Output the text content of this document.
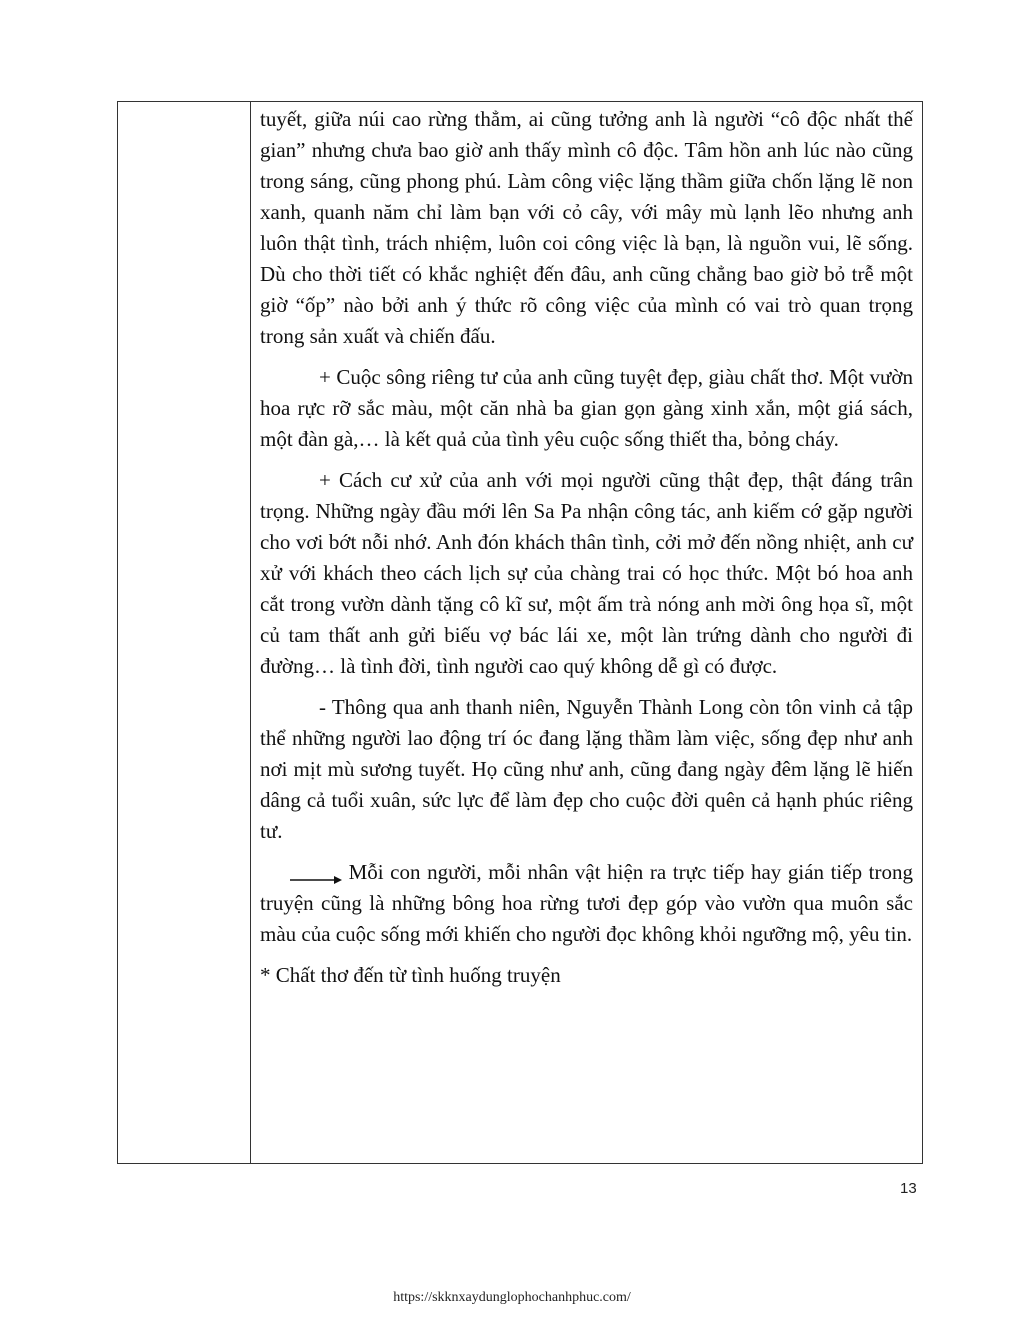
tuyết, giữa núi cao rừng thẳm, ai cũng tưởng anh là người “cô độc nhất thế gian” nhưng chưa bao giờ anh thấy mình cô độc. Tâm hồn anh lúc nào cũng trong sáng, cũng phong phú. Làm công việc lặng thầm giữa chốn lặng lẽ non xanh, quanh năm chỉ làm bạn với cỏ cây, với mây mù lạnh lẽo nhưng anh luôn thật tình, trách nhiệm, luôn coi công việc là bạn, là nguồn vui, lẽ sống. Dù cho thời tiết có khắc nghiệt đến đâu, anh cũng chẳng bao giờ bỏ trễ một giờ “ốp” nào bởi anh ý thức rõ công việc của mình có vai trò quan trọng trong sản xuất và chiến đấu.

+ Cuộc sông riêng tư của anh cũng tuyệt đẹp, giàu chất thơ. Một vườn hoa rực rỡ sắc màu, một căn nhà ba gian gọn gàng xinh xắn, một giá sách, một đàn gà,… là kết quả của tình yêu cuộc sống thiết tha, bỏng cháy.

+ Cách cư xử của anh với mọi người cũng thật đẹp, thật đáng trân trọng. Những ngày đầu mới lên Sa Pa nhận công tác, anh kiếm cớ gặp người cho vơi bớt nỗi nhớ. Anh đón khách thân tình, cởi mở đến nồng nhiệt, anh cư xử với khách theo cách lịch sự của chàng trai có học thức. Một bó hoa anh cắt trong vườn dành tặng cô kĩ sư, một ấm trà nóng anh mời ông họa sĩ, một củ tam thất anh gửi biếu vợ bác lái xe, một làn trứng dành cho người đi đường… là tình đời, tình người cao quý không dễ gì có được.

- Thông qua anh thanh niên, Nguyễn Thành Long còn tôn vinh cả tập thể những người lao động trí óc đang lặng thầm làm việc, sống đẹp như anh nơi mịt mù sương tuyết. Họ cũng như anh, cũng đang ngày đêm lặng lẽ hiến dâng cả tuổi xuân, sức lực để làm đẹp cho cuộc đời quên cả hạnh phúc riêng tư.

Mỗi con người, mỗi nhân vật hiện ra trực tiếp hay gián tiếp trong truyện cũng là những bông hoa rừng tươi đẹp góp vào vườn qua muôn sắc màu của cuộc sống mới khiến cho người đọc không khỏi ngưỡng mộ, yêu tin.

* Chất thơ đến từ tình huống truyện

13
https://skknxaydunglophochanhphuc.com/
